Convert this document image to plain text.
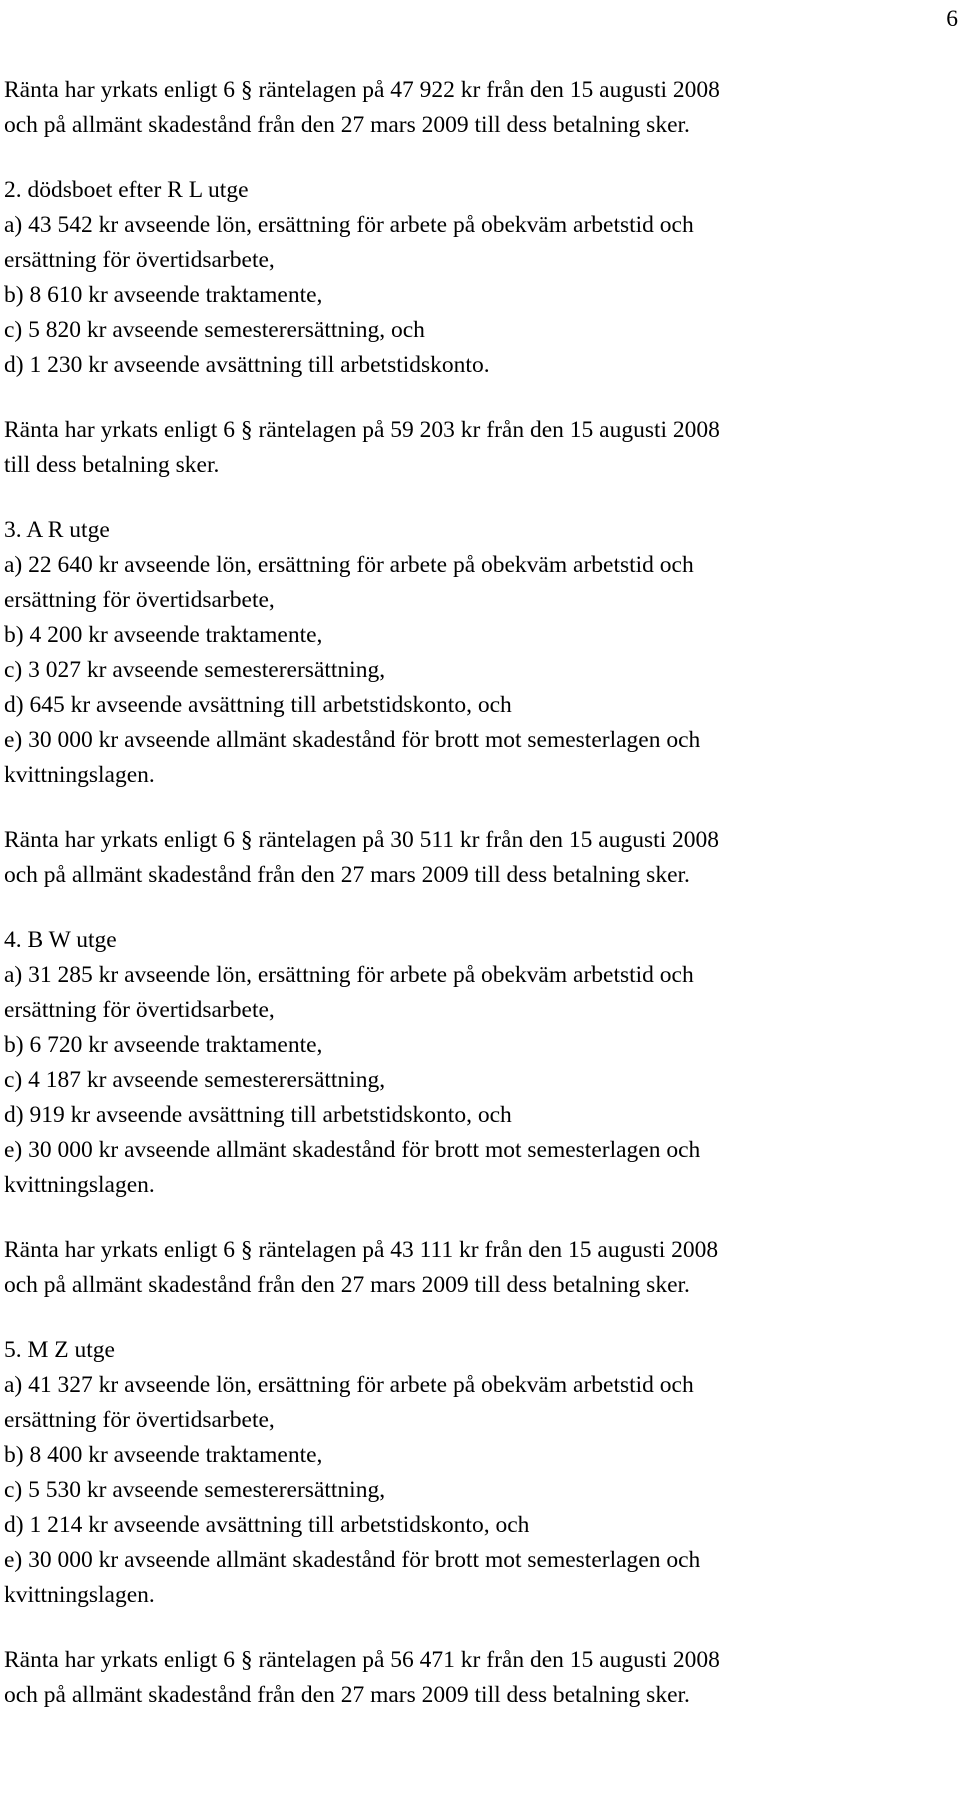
6
Ränta har yrkats enligt 6 § räntelagen på 47 922 kr från den 15 augusti 2008
och på allmänt skadestånd från den 27 mars 2009 till dess betalning sker.
2. dödsboet efter R L utge
a) 43 542 kr avseende lön, ersättning för arbete på obekväm arbetstid och
ersättning för övertidsarbete,
b) 8 610 kr avseende traktamente,
c) 5 820 kr avseende semesterersättning, och
d) 1 230 kr avseende avsättning till arbetstidskonto.
Ränta har yrkats enligt 6 § räntelagen på 59 203 kr från den 15 augusti 2008
till dess betalning sker.
3. A R utge
a) 22 640 kr avseende lön, ersättning för arbete på obekväm arbetstid och
ersättning för övertidsarbete,
b) 4 200 kr avseende traktamente,
c) 3 027 kr avseende semesterersättning,
d) 645 kr avseende avsättning till arbetstidskonto, och
e) 30 000 kr avseende allmänt skadestånd för brott mot semesterlagen och
kvittningslagen.
Ränta har yrkats enligt 6 § räntelagen på 30 511 kr från den 15 augusti 2008
och på allmänt skadestånd från den 27 mars 2009 till dess betalning sker.
4. B W utge
a) 31 285 kr avseende lön, ersättning för arbete på obekväm arbetstid och
ersättning för övertidsarbete,
b) 6 720 kr avseende traktamente,
c) 4 187 kr avseende semesterersättning,
d) 919 kr avseende avsättning till arbetstidskonto, och
e) 30 000 kr avseende allmänt skadestånd för brott mot semesterlagen och
kvittningslagen.
Ränta har yrkats enligt 6 § räntelagen på 43 111 kr från den 15 augusti 2008
och på allmänt skadestånd från den 27 mars 2009 till dess betalning sker.
5. M Z utge
a) 41 327 kr avseende lön, ersättning för arbete på obekväm arbetstid och
ersättning för övertidsarbete,
b) 8 400 kr avseende traktamente,
c) 5 530 kr avseende semesterersättning,
d) 1 214 kr avseende avsättning till arbetstidskonto, och
e) 30 000 kr avseende allmänt skadestånd för brott mot semesterlagen och
kvittningslagen.
Ränta har yrkats enligt 6 § räntelagen på 56 471 kr från den 15 augusti 2008
och på allmänt skadestånd från den 27 mars 2009 till dess betalning sker.
